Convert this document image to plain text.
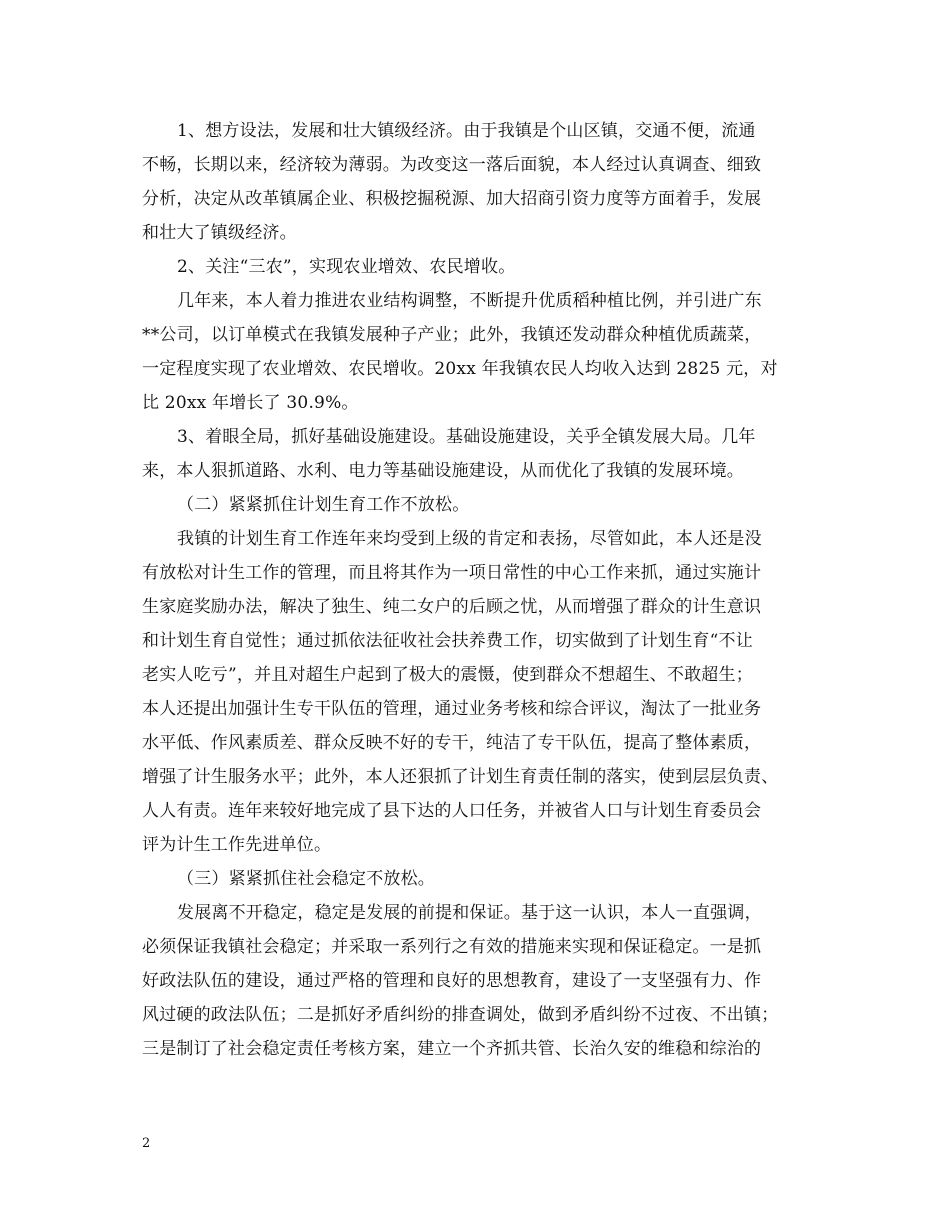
1、想方设法，发展和壮大镇级经济。由于我镇是个山区镇，交通不便，流通
不畅，长期以来，经济较为薄弱。为改变这一落后面貌，本人经过认真调查、细致
分析，决定从改革镇属企业、积极挖掘税源、加大招商引资力度等方面着手，发展
和壮大了镇级经济。
2、关注“三农”，实现农业增效、农民增收。
几年来，本人着力推进农业结构调整，不断提升优质稻种植比例，并引进广东
**公司，以订单模式在我镇发展种子产业；此外，我镇还发动群众种植优质蔬菜，
一定程度实现了农业增效、农民增收。20xx 年我镇农民人均收入达到 2825 元，对
比 20xx 年增长了 30.9%。
3、着眼全局，抓好基础设施建设。基础设施建设，关乎全镇发展大局。几年
来，本人狠抓道路、水利、电力等基础设施建设，从而优化了我镇的发展环境。
（二）紧紧抓住计划生育工作不放松。
我镇的计划生育工作连年来均受到上级的肯定和表扬，尽管如此，本人还是没
有放松对计生工作的管理，而且将其作为一项日常性的中心工作来抓，通过实施计
生家庭奖励办法，解决了独生、纯二女户的后顾之忧，从而增强了群众的计生意识
和计划生育自觉性；通过抓依法征收社会扶养费工作，切实做到了计划生育“不让
老实人吃亏”，并且对超生户起到了极大的震慑，使到群众不想超生、不敢超生；
本人还提出加强计生专干队伍的管理，通过业务考核和综合评议，淘汰了一批业务
水平低、作风素质差、群众反映不好的专干，纯洁了专干队伍，提高了整体素质，
增强了计生服务水平；此外，本人还狠抓了计划生育责任制的落实，使到层层负责、
人人有责。连年来较好地完成了县下达的人口任务，并被省人口与计划生育委员会
评为计生工作先进单位。
（三）紧紧抓住社会稳定不放松。
发展离不开稳定，稳定是发展的前提和保证。基于这一认识，本人一直强调，
必须保证我镇社会稳定；并采取一系列行之有效的措施来实现和保证稳定。一是抓
好政法队伍的建设，通过严格的管理和良好的思想教育，建设了一支坚强有力、作
风过硬的政法队伍；二是抓好矛盾纠纷的排查调处，做到矛盾纠纷不过夜、不出镇；
三是制订了社会稳定责任考核方案，建立一个齐抓共管、长治久安的维稳和综治的
2
